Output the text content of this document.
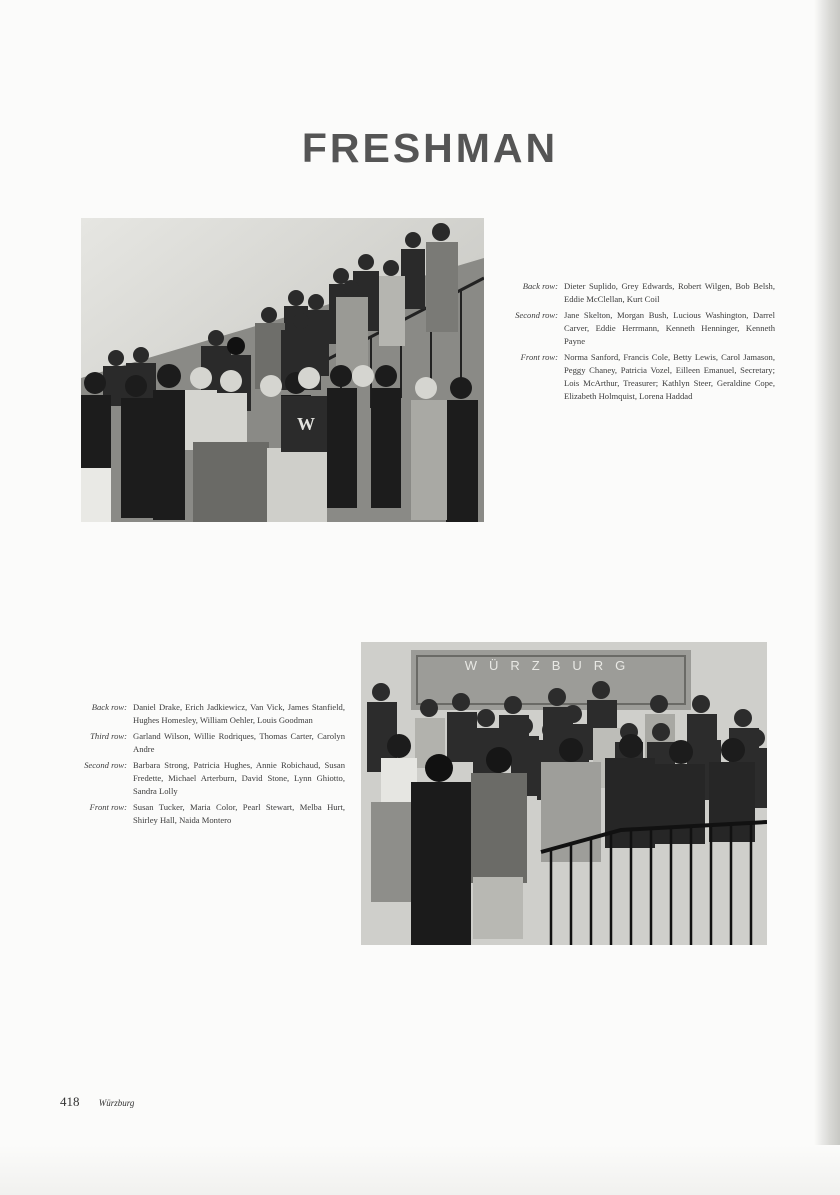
FRESHMAN
W
Back row: Dieter Suplido, Grey Edwards, Robert Wilgen, Bob Belsh, Eddie McClellan, Kurt Coil
Second row: Jane Skelton, Morgan Bush, Lucious Washington, Darrel Carver, Eddie Herrmann, Kenneth Henninger, Kenneth Payne
Front row: Norma Sanford, Francis Cole, Betty Lewis, Carol Jamason, Peggy Chaney, Patricia Vozel, Eilleen Emanuel, Secretary; Lois McArthur, Treasurer; Kathlyn Steer, Geraldine Cope, Elizabeth Holmquist, Lorena Haddad
Back row: Daniel Drake, Erich Jadkiewicz, Van Vick, James Stanfield, Hughes Homesley, William Oehler, Louis Goodman
Third row: Garland Wilson, Willie Rodriques, Thomas Carter, Carolyn Andre
Second row: Barbara Strong, Patricia Hughes, Annie Robichaud, Susan Fredette, Michael Arterburn, David Stone, Lynn Ghiotto, Sandra Lolly
Front row: Susan Tucker, Maria Color, Pearl Stewart, Melba Hurt, Shirley Hall, Naida Montero
WÜRZBURG
418 Würzburg
